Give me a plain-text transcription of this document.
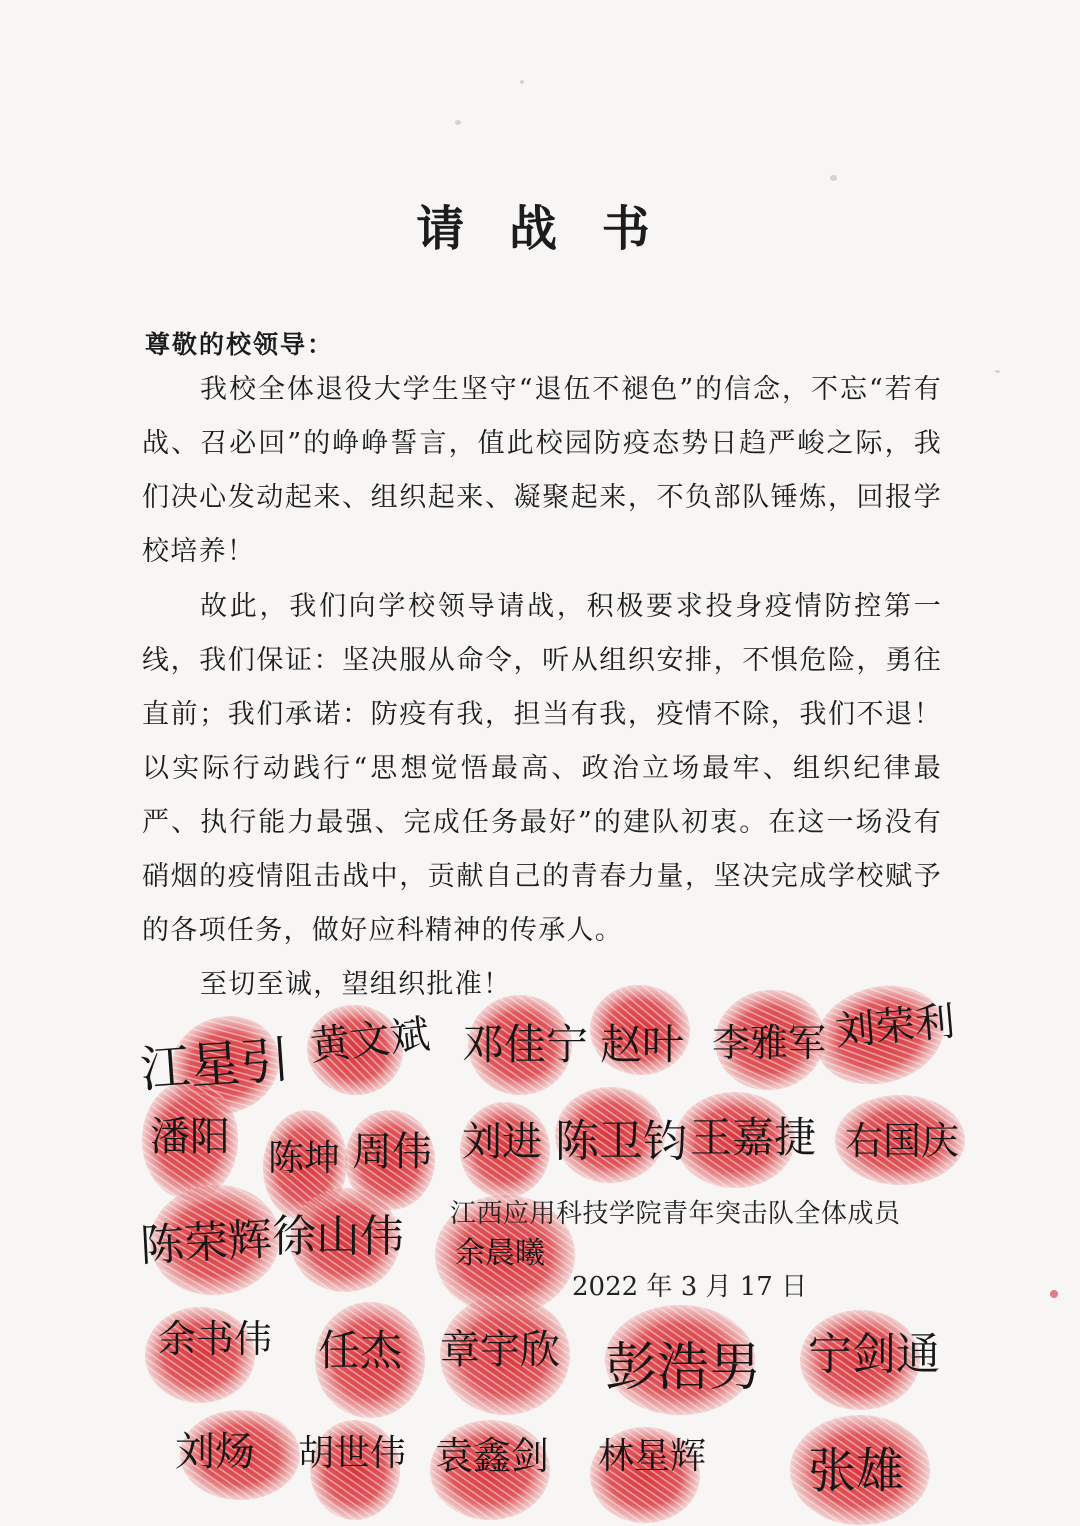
请 战 书
尊敬的校领导：

我校全体退役大学生坚守“退伍不褪色”的信念，不忘“若有战、召必回”的峥峥誓言，值此校园防疫态势日趋严峻之际，我们决心发动起来、组织起来、凝聚起来，不负部队锤炼，回报学校培养！

故此，我们向学校领导请战，积极要求投身疫情防控第一线，我们保证：坚决服从命令，听从组织安排，不惧危险，勇往直前；我们承诺：防疫有我，担当有我，疫情不除，我们不退！以实际行动践行“思想觉悟最高、政治立场最牢、组织纪律最严、执行能力最强、完成任务最好”的建队初衷。在这一场没有硝烟的疫情阻击战中，贡献自己的青春力量，坚决完成学校赋予的各项任务，做好应科精神的传承人。

至切至诚，望组织批准！

江西应用科技学院青年突击队全体成员
2022 年 3 月 17 日
江星引 黄文斌 邓佳宁 赵叶 李雅军 刘荣利
潘阳 陈坤 周伟 刘进 陈卫钧 王嘉捷 右国庆
陈荣辉
徐山伟 余晨曦
余书伟 任杰 章宇欣 彭浩男 宁剑通
刘炀 胡世伟 袁鑫剑 林星辉 张雄
